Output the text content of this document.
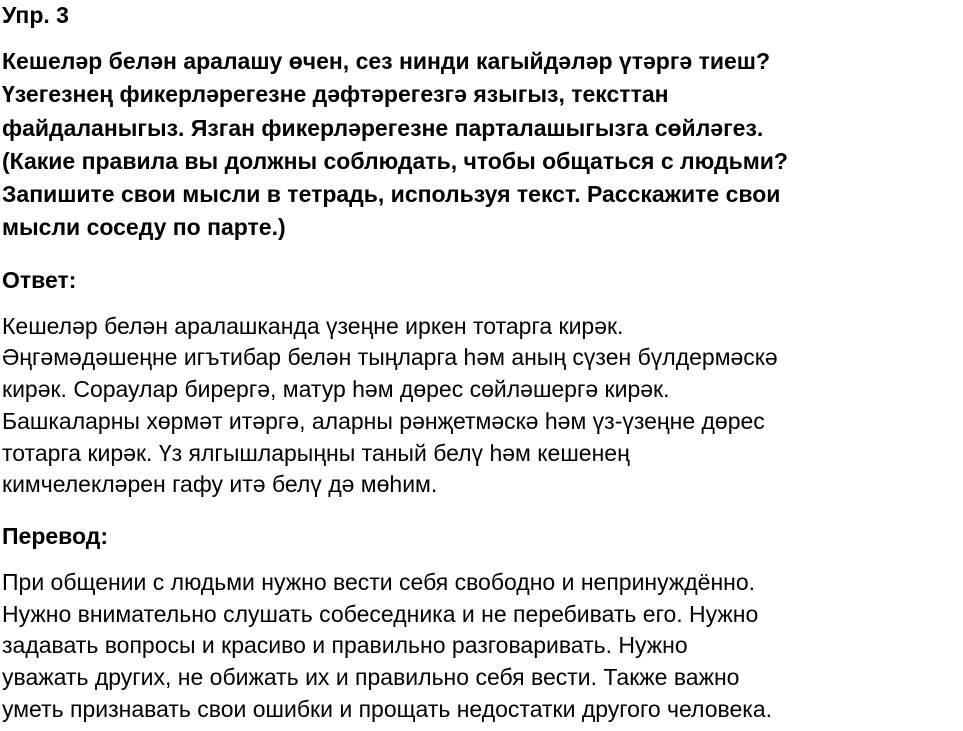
Упр. 3

Кешеләр белән аралашу өчен, сез нинди кагыйдәләр үтәргә тиеш?
Үзегезнең фикерләрегезне дәфтәрегезгә языгыз, тексттан
файдаланыгыз. Язган фикерләрегезне парталашыгызга сөйләгез.
(Какие правила вы должны соблюдать, чтобы общаться с людьми?
Запишите свои мысли в тетрадь, используя текст. Расскажите свои
мысли соседу по парте.)

Ответ:

Кешеләр белән аралашканда үзеңне иркен тотарга кирәк.
Әңгәмәдәшеңне игътибар белән тыңларга һәм аның сүзен бүлдермәскә
кирәк. Сораулар бирергә, матур һәм дөрес сөйләшергә кирәк.
Башкаларны хөрмәт итәргә, аларны рәнҗетмәскә һәм үз-үзеңне дөрес
тотарга кирәк. Үз ялгышларыңны таный белү һәм кешенең
кимчелекләрен гафу итә белү дә мөһим.

Перевод:

При общении с людьми нужно вести себя свободно и непринуждённо.
Нужно внимательно слушать собеседника и не перебивать его. Нужно
задавать вопросы и красиво и правильно разговаривать. Нужно
уважать других, не обижать их и правильно себя вести. Также важно
уметь признавать свои ошибки и прощать недостатки другого человека.
